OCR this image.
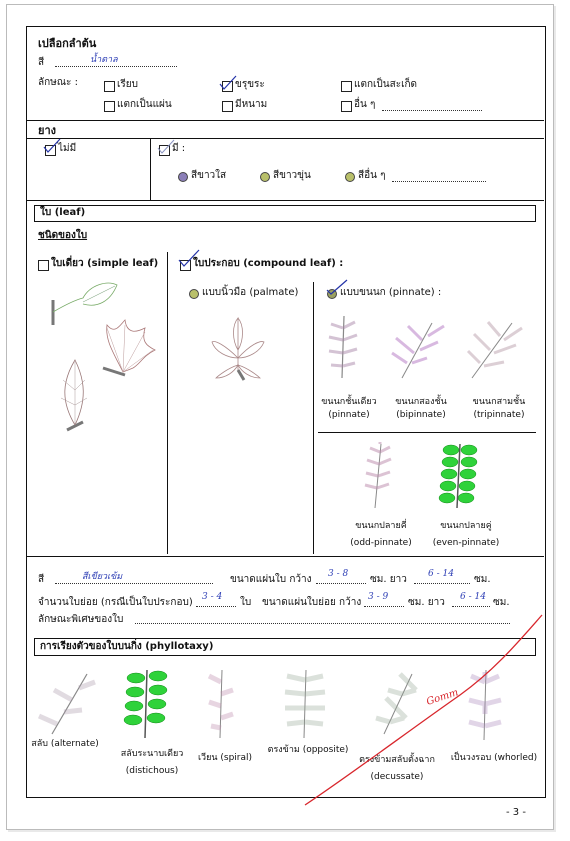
เปลือกลำต้น
สี	น้ำตาล
ลักษณะ :	เรียบ	ขรุขระ	แตกเป็นสะเก็ด
แตกเป็นแผ่น	มีหนาม	อื่น ๆ
ยาง
ไม่มี	มี :
สีขาวใส	สีขาวขุ่น	สีอื่น ๆ
ใบ (leaf)
ชนิดของใบ
ใบเดี่ยว (simple leaf)	ใบประกอบ (compound leaf) :
แบบนิ้วมือ (palmate)	แบบขนนก (pinnate) :
ขนนกชั้นเดียว
(pinnate)
ขนนกสองชั้น
(bipinnate)
ขนนกสามชั้น
(tripinnate)
ขนนกปลายคี่
(odd-pinnate)
ขนนกปลายคู่
(even-pinnate)
สี	สีเขียวเข้ม	ขนาดแผ่นใบ กว้าง 3 - 8 ซม. ยาว 6 - 14 ซม.
จำนวนใบย่อย (กรณีเป็นใบประกอบ) 3 - 4 ใบ ขนาดแผ่นใบย่อย กว้าง 3 - 9 ซม. ยาว 6 - 14 ซม.
ลักษณะพิเศษของใบ
การเรียงตัวของใบบนกิ่ง (phyllotaxy)
สลับ (alternate)
สลับระนาบเดียว
(distichous)
เวียน (spiral)
ตรงข้าม (opposite)
ตรงข้ามสลับตั้งฉาก
(decussate)
เป็นวงรอบ (whorled)
Gomm
- 3 -
